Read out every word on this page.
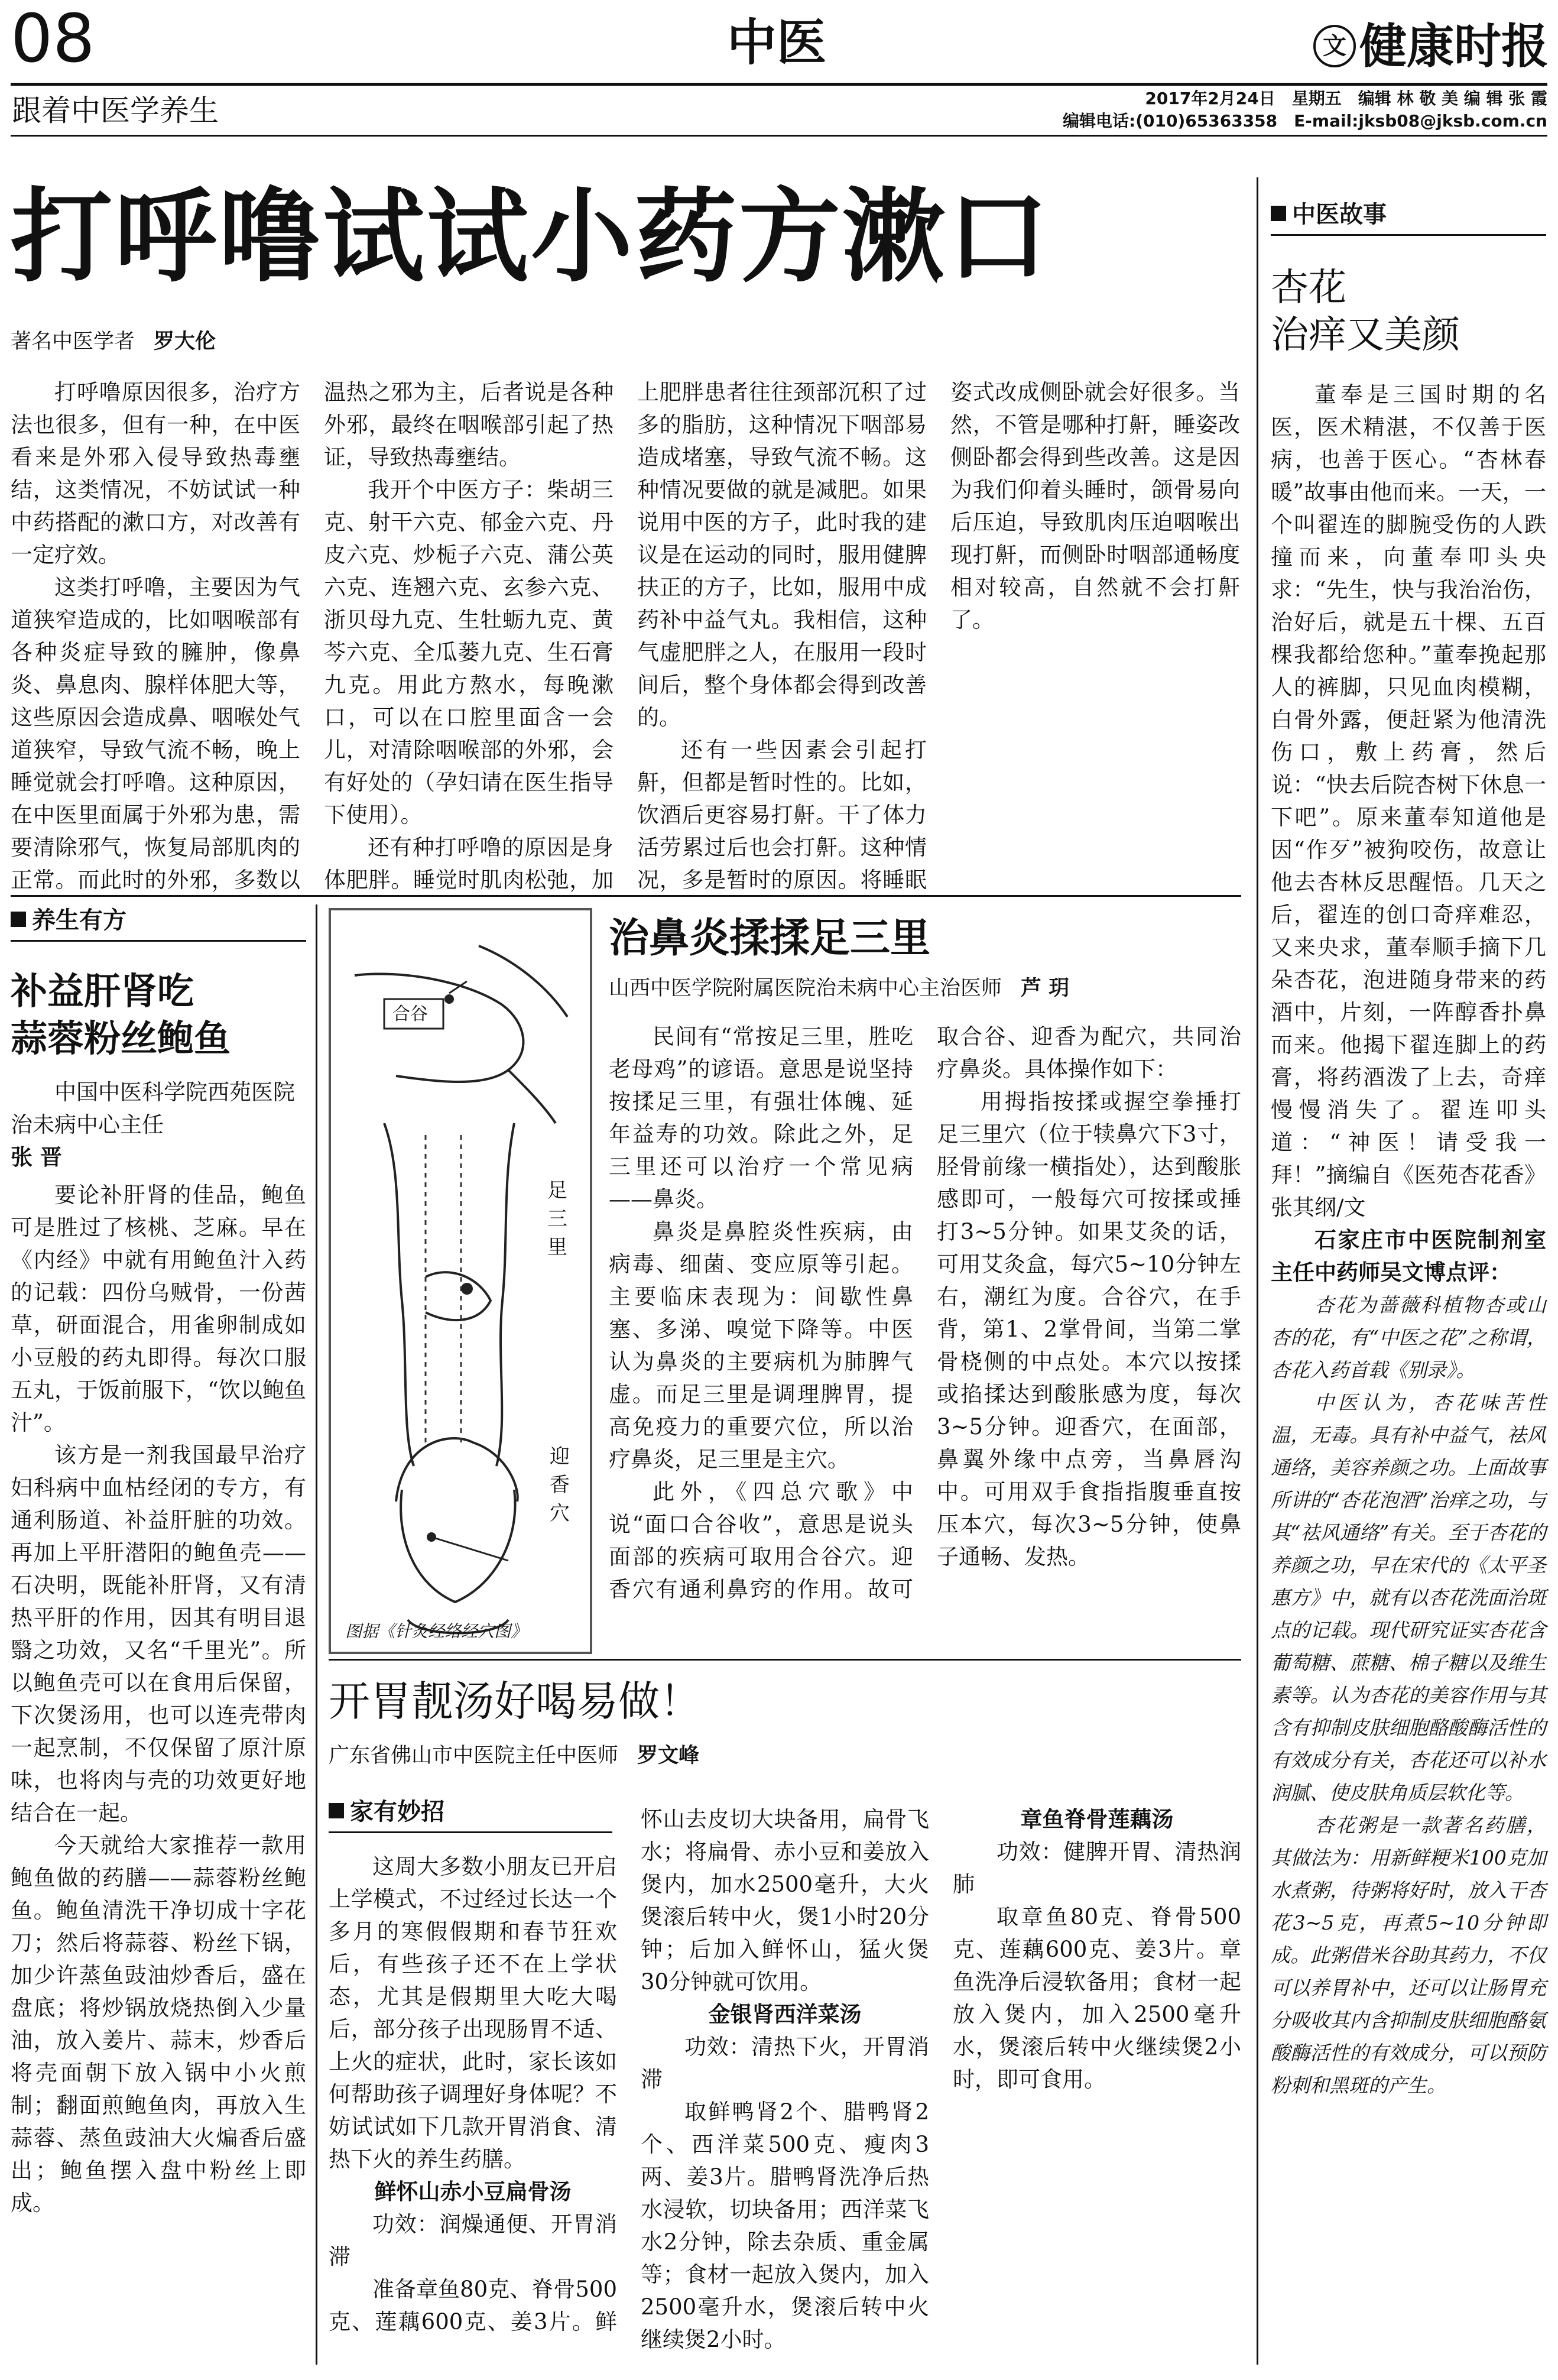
08	中医	文 健康时报
跟着中医学养生	2017年2月24日　星期五　编辑 林 敬 美 编 辑 张 霞
编辑电话:(010)65363358　E-mail:jksb08@jksb.com.cn
打呼噜试试小药方漱口
著名中医学者 罗大伦

打呼噜原因很多，治疗方法也很多，但有一种，在中医看来是外邪入侵导致热毒壅结，这类情况，不妨试试一种中药搭配的漱口方，对改善有一定疗效。

这类打呼噜，主要因为气道狭窄造成的，比如咽喉部有各种炎症导致的臃肿，像鼻炎、鼻息肉、腺样体肥大等，这些原因会造成鼻、咽喉处气道狭窄，导致气流不畅，晚上睡觉就会打呼噜。这种原因，在中医里面属于外邪为患，需要清除邪气，恢复局部肌肉的正常。而此时的外邪，多数以温热之邪为主，后者说是各种外邪，最终在咽喉部引起了热证，导致热毒壅结。

我开个中医方子：柴胡三克、射干六克、郁金六克、丹皮六克、炒栀子六克、蒲公英六克、连翘六克、玄参六克、浙贝母九克、生牡蛎九克、黄芩六克、全瓜蒌九克、生石膏九克。用此方熬水，每晚漱口，可以在口腔里面含一会儿，对清除咽喉部的外邪，会有好处的（孕妇请在医生指导下使用）。

还有种打呼噜的原因是身体肥胖。睡觉时肌肉松弛，加上肥胖患者往往颈部沉积了过多的脂肪，这种情况下咽部易造成堵塞，导致气流不畅。这种情况要做的就是减肥。如果说用中医的方子，此时我的建议是在运动的同时，服用健脾扶正的方子，比如，服用中成药补中益气丸。我相信，这种气虚肥胖之人，在服用一段时间后，整个身体都会得到改善的。

还有一些因素会引起打鼾，但都是暂时性的。比如，饮酒后更容易打鼾。干了体力活劳累过后也会打鼾。这种情况，多是暂时的原因。将睡眠姿式改成侧卧就会好很多。当然，不管是哪种打鼾，睡姿改侧卧都会得到些改善。这是因为我们仰着头睡时，颌骨易向后压迫，导致肌肉压迫咽喉出现打鼾，而侧卧时咽部通畅度相对较高，自然就不会打鼾了。

养生有方
补益肝肾吃
蒜蓉粉丝鲍鱼
中国中医科学院西苑医院治未病中心主任
张 晋

要论补肝肾的佳品，鲍鱼可是胜过了核桃、芝麻。早在《内经》中就有用鲍鱼汁入药的记载：四份乌贼骨，一份茜草，研面混合，用雀卵制成如小豆般的药丸即得。每次口服五丸，于饭前服下，“饮以鲍鱼汁”。

该方是一剂我国最早治疗妇科病中血枯经闭的专方，有通利肠道、补益肝脏的功效。再加上平肝潜阳的鲍鱼壳——石决明，既能补肝肾，又有清热平肝的作用，因其有明目退翳之功效，又名“千里光”。所以鲍鱼壳可以在食用后保留，下次煲汤用，也可以连壳带肉一起烹制，不仅保留了原汁原味，也将肉与壳的功效更好地结合在一起。

今天就给大家推荐一款用鲍鱼做的药膳——蒜蓉粉丝鲍鱼。鲍鱼清洗干净切成十字花刀；然后将蒜蓉、粉丝下锅，加少许蒸鱼豉油炒香后，盛在盘底；将炒锅放烧热倒入少量油，放入姜片、蒜末，炒香后将壳面朝下放入锅中小火煎制；翻面煎鲍鱼肉，再放入生蒜蓉、蒸鱼豉油大火煸香后盛出；鲍鱼摆入盘中粉丝上即成。

合谷
足三里
迎香穴
图据《针灸经络经穴图》
治鼻炎揉揉足三里
山西中医学院附属医院治未病中心主治医师 芦 玥

民间有“常按足三里，胜吃老母鸡”的谚语。意思是说坚持按揉足三里，有强壮体魄、延年益寿的功效。除此之外，足三里还可以治疗一个常见病——鼻炎。

鼻炎是鼻腔炎性疾病，由病毒、细菌、变应原等引起。主要临床表现为：间歇性鼻塞、多涕、嗅觉下降等。中医认为鼻炎的主要病机为肺脾气虚。而足三里是调理脾胃，提高免疫力的重要穴位，所以治疗鼻炎，足三里是主穴。

此外，《四总穴歌》中说“面口合谷收”，意思是说头面部的疾病可取用合谷穴。迎香穴有通利鼻窍的作用。故可取合谷、迎香为配穴，共同治疗鼻炎。具体操作如下：

用拇指按揉或握空拳捶打足三里穴（位于犊鼻穴下3寸，胫骨前缘一横指处），达到酸胀感即可，一般每穴可按揉或捶打3~5分钟。如果艾灸的话，可用艾灸盒，每穴5~10分钟左右，潮红为度。合谷穴，在手背，第1、2掌骨间，当第二掌骨桡侧的中点处。本穴以按揉或掐揉达到酸胀感为度，每次3~5分钟。迎香穴，在面部，鼻翼外缘中点旁，当鼻唇沟中。可用双手食指指腹垂直按压本穴，每次3~5分钟，使鼻子通畅、发热。

开胃靓汤好喝易做！
广东省佛山市中医院主任中医师 罗文峰
家有妙招

这周大多数小朋友已开启上学模式，不过经过长达一个多月的寒假假期和春节狂欢后，有些孩子还不在上学状态，尤其是假期里大吃大喝后，部分孩子出现肠胃不适、上火的症状，此时，家长该如何帮助孩子调理好身体呢？不妨试试如下几款开胃消食、清热下火的养生药膳。

鲜怀山赤小豆扁骨汤

功效：润燥通便、开胃消滞

准备章鱼80克、脊骨500克、莲藕600克、姜3片。鲜怀山去皮切大块备用，扁骨飞水；将扁骨、赤小豆和姜放入煲内，加水2500毫升，大火煲滚后转中火，煲1小时20分钟；后加入鲜怀山，猛火煲30分钟就可饮用。

金银肾西洋菜汤

功效：清热下火，开胃消滞

取鲜鸭肾2个、腊鸭肾2个、西洋菜500克、瘦肉3两、姜3片。腊鸭肾洗净后热水浸软，切块备用；西洋菜飞水2分钟，除去杂质、重金属等；食材一起放入煲内，加入2500毫升水，煲滚后转中火继续煲2小时。

章鱼脊骨莲藕汤

功效：健脾开胃、清热润肺

取章鱼80克、脊骨500克、莲藕600克、姜3片。章鱼洗净后浸软备用；食材一起放入煲内，加入2500毫升水，煲滚后转中火继续煲2小时，即可食用。

中医故事
杏花
治痒又美颜

董奉是三国时期的名医，医术精湛，不仅善于医病，也善于医心。“杏林春暖”故事由他而来。一天，一个叫翟连的脚腕受伤的人跌撞而来，向董奉叩头央求：“先生，快与我治治伤，治好后，就是五十棵、五百棵我都给您种。”董奉挽起那人的裤脚，只见血肉模糊，白骨外露，便赶紧为他清洗伤口，敷上药膏，然后说：“快去后院杏树下休息一下吧”。原来董奉知道他是因“作歹”被狗咬伤，故意让他去杏林反思醒悟。几天之后，翟连的创口奇痒难忍，又来央求，董奉顺手摘下几朵杏花，泡进随身带来的药酒中，片刻，一阵醇香扑鼻而来。他揭下翟连脚上的药膏，将药酒泼了上去，奇痒慢慢消失了。翟连叩头道：“神医！请受我一拜！”摘编自《医苑杏花香》张其纲/文

石家庄市中医院制剂室主任中药师吴文博点评：

杏花为蔷薇科植物杏或山杏的花，有“中医之花”之称谓，杏花入药首载《别录》。

中医认为，杏花味苦性温，无毒。具有补中益气，祛风通络，美容养颜之功。上面故事所讲的“杏花泡酒”治痒之功，与其“祛风通络”有关。至于杏花的养颜之功，早在宋代的《太平圣惠方》中，就有以杏花洗面治斑点的记载。现代研究证实杏花含葡萄糖、蔗糖、棉子糖以及维生素等。认为杏花的美容作用与其含有抑制皮肤细胞酪酸酶活性的有效成分有关，杏花还可以补水润腻、使皮肤角质层软化等。

杏花粥是一款著名药膳，其做法为：用新鲜粳米100克加水煮粥，待粥将好时，放入干杏花3~5克，再煮5~10分钟即成。此粥借米谷助其药力，不仅可以养胃补中，还可以让肠胃充分吸收其内含抑制皮肤细胞酪氨酸酶活性的有效成分，可以预防粉刺和黑斑的产生。
